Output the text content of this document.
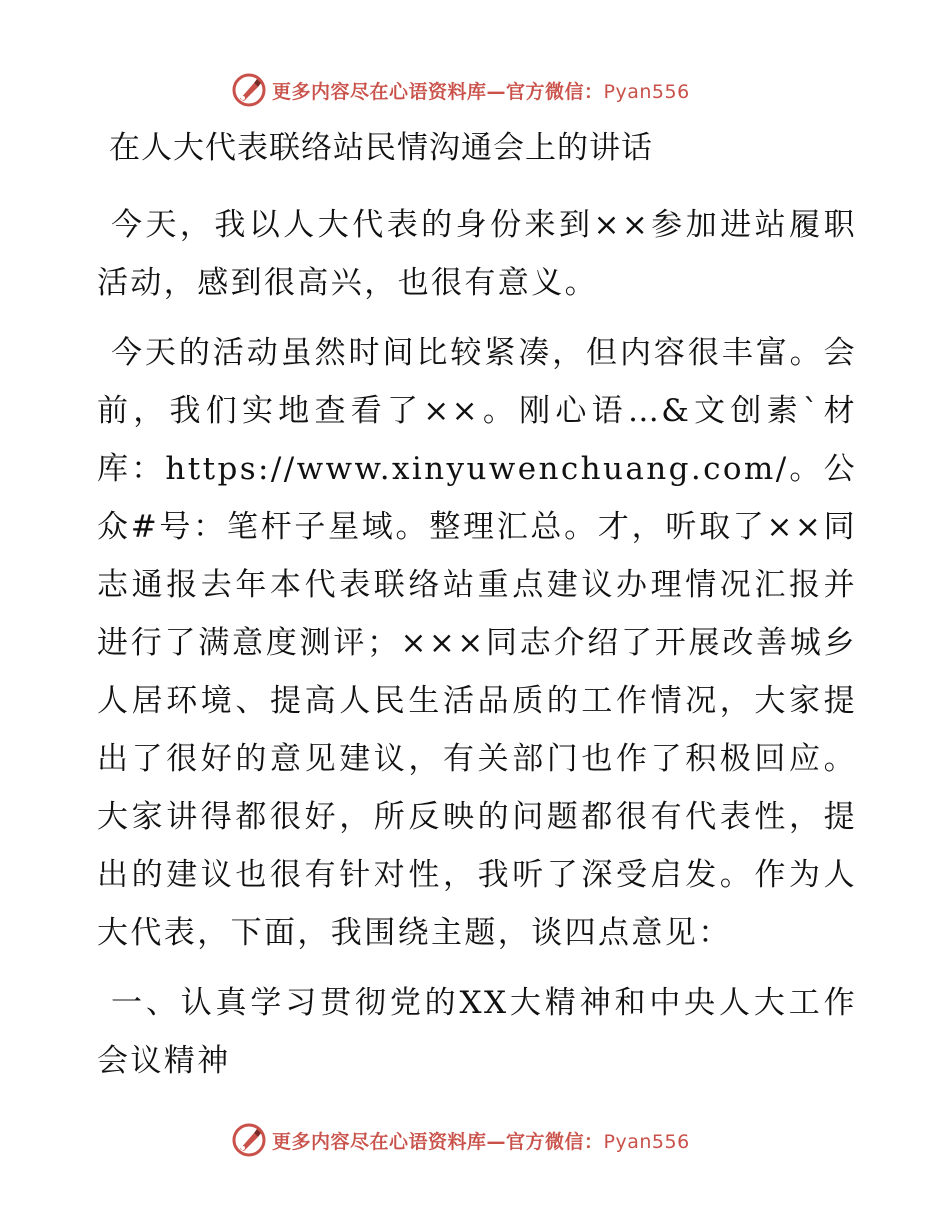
更多内容尽在心语资料库—官方微信：Pyan556
在人大代表联络站民情沟通会上的讲话

今天，我以人大代表的身份来到××参加进站履职活动，感到很高兴，也很有意义。

今天的活动虽然时间比较紧凑，但内容很丰富。会前，我们实地查看了××。刚心语…&文创素`材库：https://www.xinyuwenchuang.com/。公众#号：笔杆子星域。整理汇总。才，听取了××同志通报去年本代表联络站重点建议办理情况汇报并进行了满意度测评；×××同志介绍了开展改善城乡人居环境、提高人民生活品质的工作情况，大家提出了很好的意见建议，有关部门也作了积极回应。大家讲得都很好，所反映的问题都很有代表性，提出的建议也很有针对性，我听了深受启发。作为人大代表，下面，我围绕主题，谈四点意见：

一、认真学习贯彻党的XX大精神和中央人大工作会议精神

更多内容尽在心语资料库—官方微信：Pyan556
